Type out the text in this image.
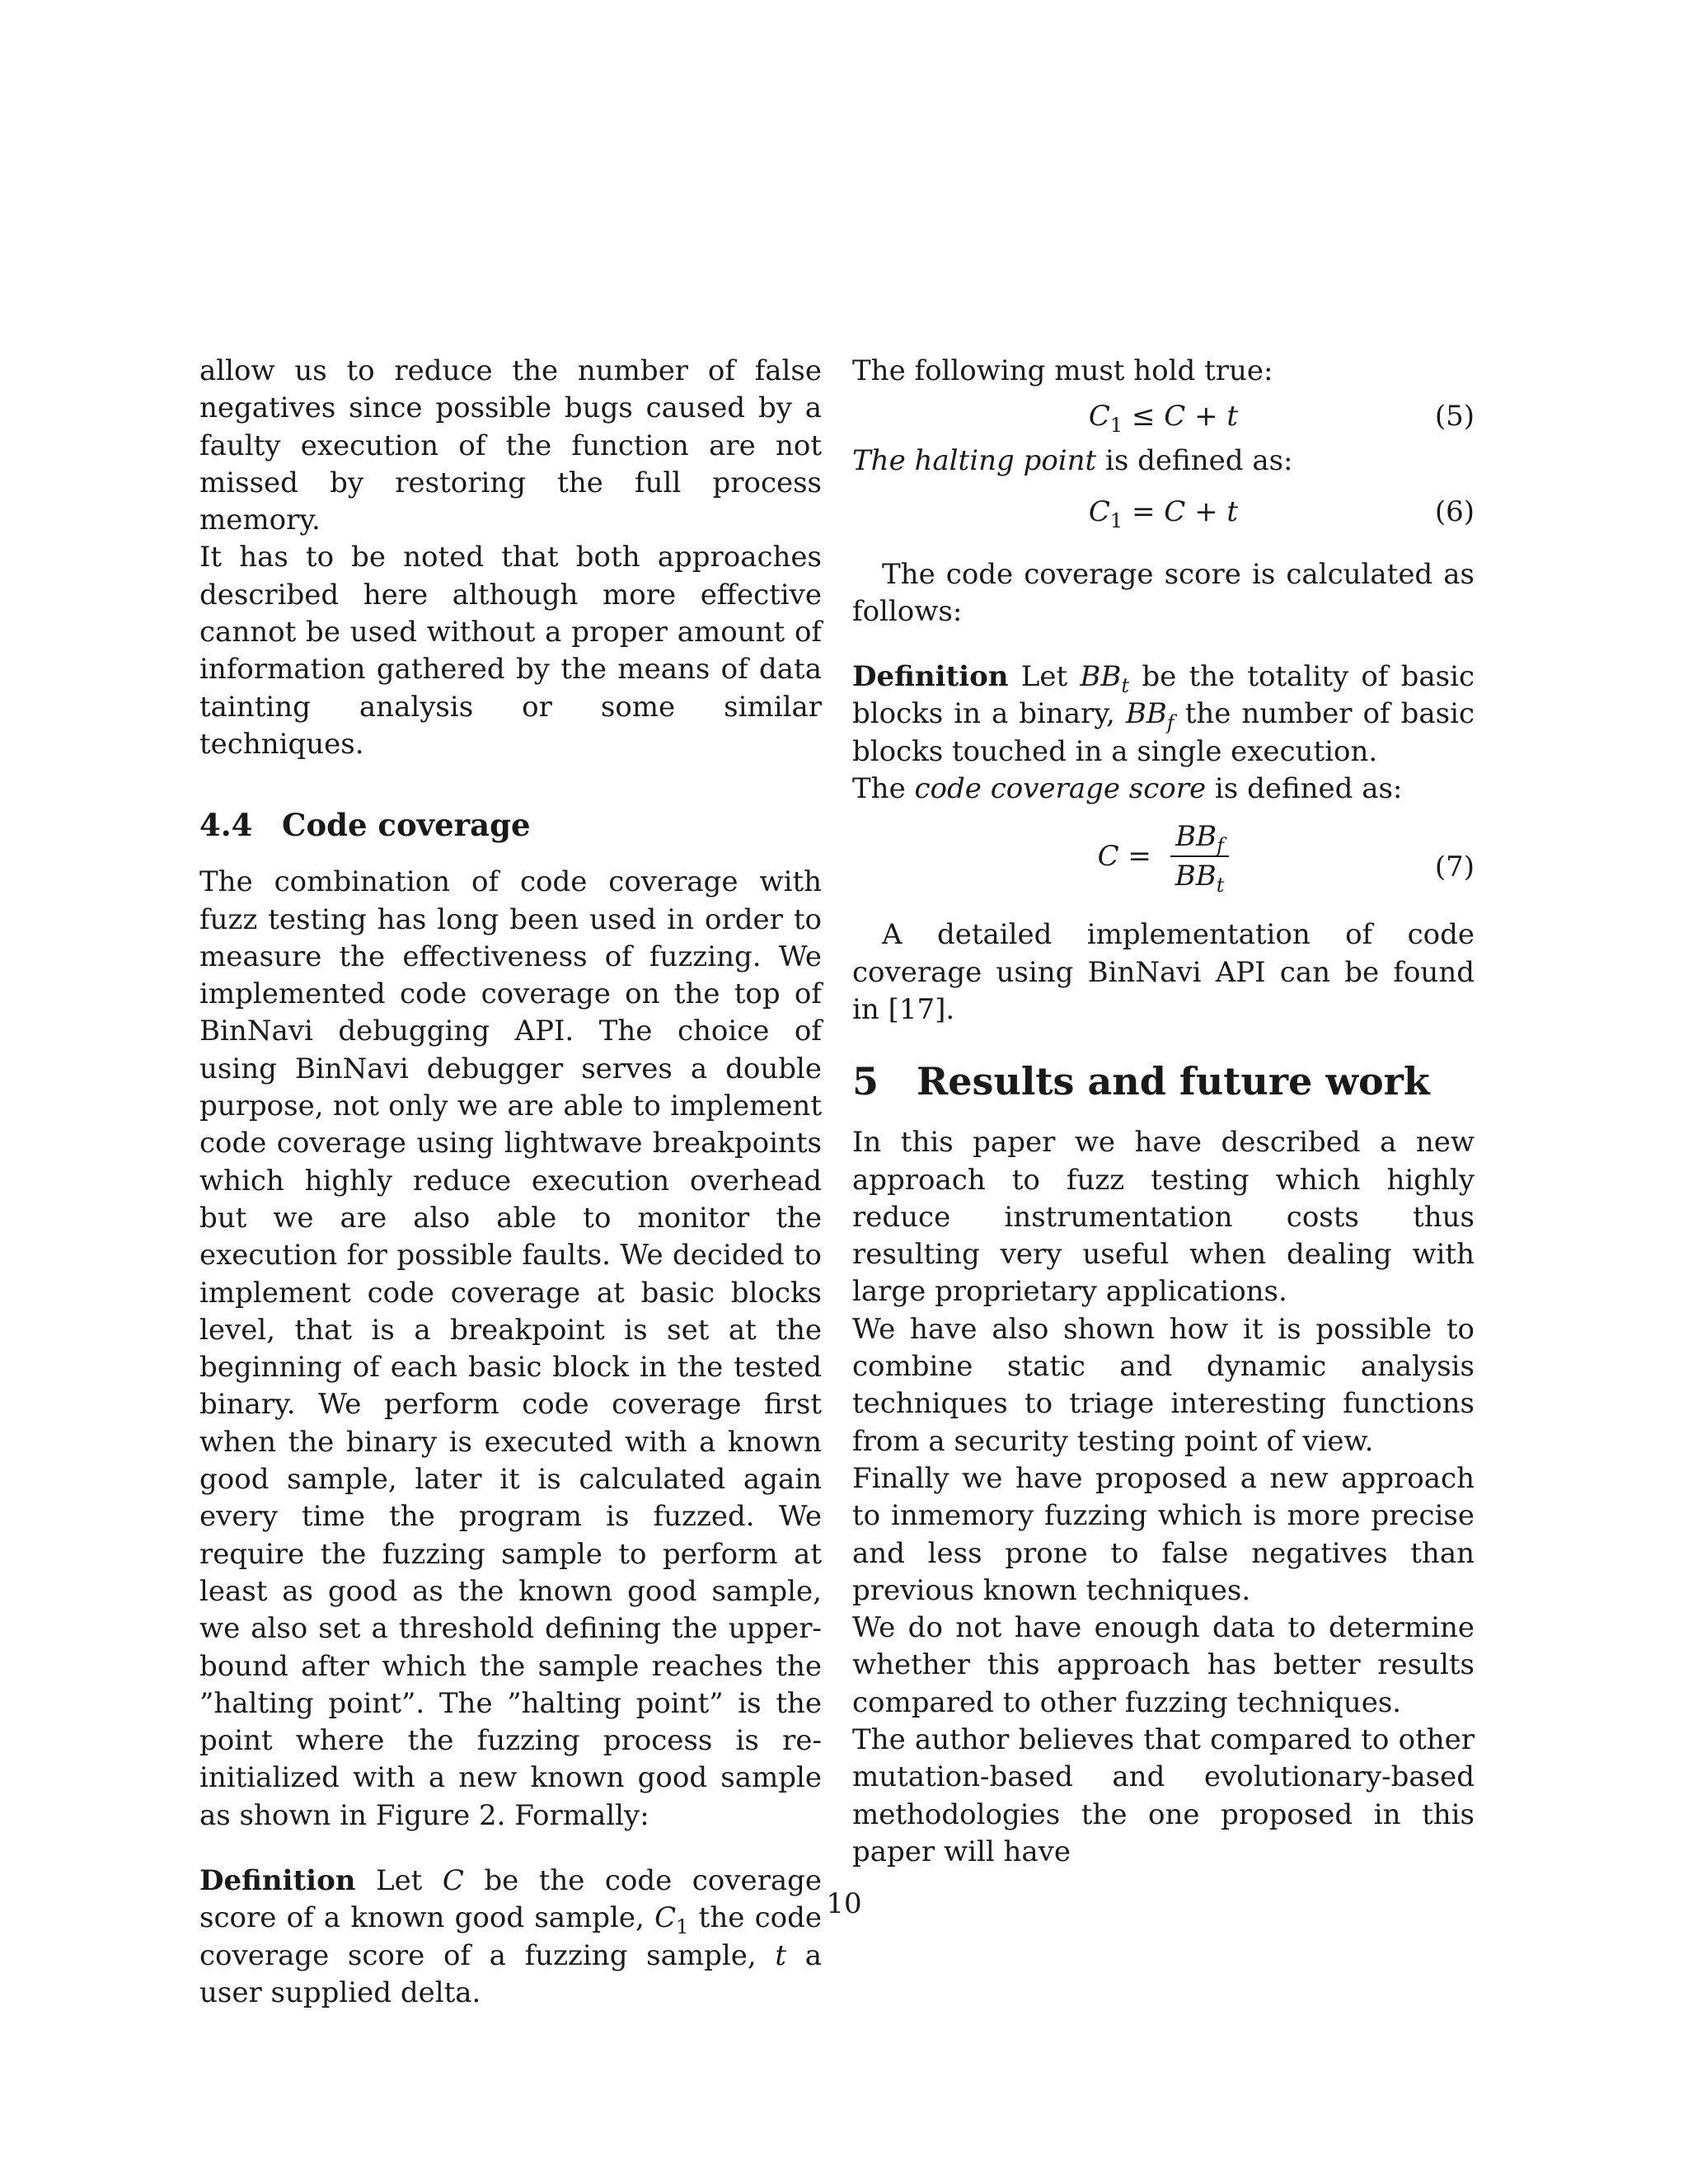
allow us to reduce the number of false negatives since possible bugs caused by a faulty execution of the function are not missed by restoring the full process memory.

It has to be noted that both approaches described here although more effective cannot be used without a proper amount of information gathered by the means of data tainting analysis or some similar techniques.

4.4 Code coverage

The combination of code coverage with fuzz testing has long been used in order to measure the effectiveness of fuzzing. We implemented code coverage on the top of BinNavi debugging API. The choice of using BinNavi debugger serves a double purpose, not only we are able to implement code coverage using lightwave breakpoints which highly reduce execution overhead but we are also able to monitor the execution for possible faults. We decided to implement code coverage at basic blocks level, that is a breakpoint is set at the beginning of each basic block in the tested binary. We perform code coverage first when the binary is executed with a known good sample, later it is calculated again every time the program is fuzzed. We require the fuzzing sample to perform at least as good as the known good sample, we also set a threshold defining the upper-bound after which the sample reaches the ”halting point”. The ”halting point” is the point where the fuzzing process is re-initialized with a new known good sample as shown in Figure 2. Formally:

Definition Let C be the code coverage score of a known good sample, $C_1$ the code coverage score of a fuzzing sample, t a user supplied delta.

The following must hold true:

$C_1 \le C + t$	(5)

The halting point is defined as:

$C_1 = C + t$	(6)

The code coverage score is calculated as follows:

Definition Let $BB_t$ be the totality of basic blocks in a binary, $BB_f$ the number of basic blocks touched in a single execution.

The code coverage score is defined as:

$C = \frac{BB_f}{BB_t}$	(7)

A detailed implementation of code coverage using BinNavi API can be found in [17].

5 Results and future work

In this paper we have described a new approach to fuzz testing which highly reduce instrumentation costs thus resulting very useful when dealing with large proprietary applications.

We have also shown how it is possible to combine static and dynamic analysis techniques to triage interesting functions from a security testing point of view.

Finally we have proposed a new approach to inmemory fuzzing which is more precise and less prone to false negatives than previous known techniques.

We do not have enough data to determine whether this approach has better results compared to other fuzzing techniques.

The author believes that compared to other mutation-based and evolutionary-based methodologies the one proposed in this paper will have

10
